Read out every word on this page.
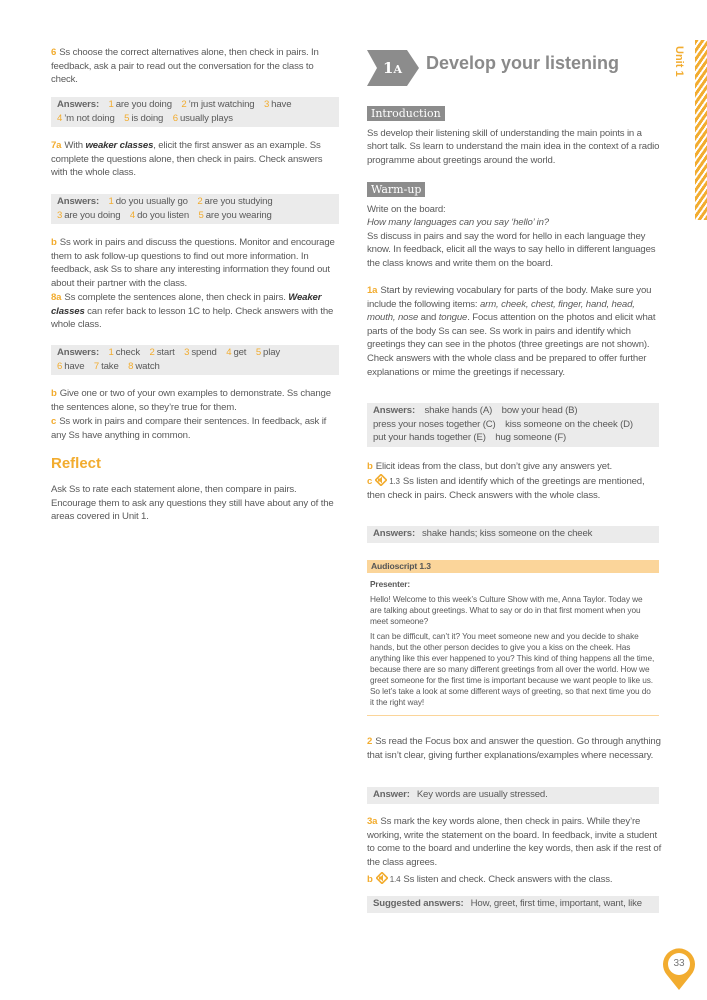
6 Ss choose the correct alternatives alone, then check in pairs. In feedback, ask a pair to read out the conversation for the class to check.
Answers: 1 are you doing 2 ’m just watching 3 have
4 ’m not doing 5 is doing 6 usually plays
7a With weaker classes, elicit the first answer as an example. Ss complete the questions alone, then check in pairs. Check answers with the whole class.
Answers: 1 do you usually go 2 are you studying
3 are you doing 4 do you listen 5 are you wearing
b Ss work in pairs and discuss the questions. Monitor and encourage them to ask follow-up questions to find out more information. In feedback, ask Ss to share any interesting information they found out about their partner with the class.
8a Ss complete the sentences alone, then check in pairs. Weaker classes can refer back to lesson 1C to help. Check answers with the whole class.
Answers: 1 check 2 start 3 spend 4 get 5 play
6 have 7 take 8 watch
b Give one or two of your own examples to demonstrate. Ss change the sentences alone, so they’re true for them.
c Ss work in pairs and compare their sentences. In feedback, ask if any Ss have anything in common.
Reflect
Ask Ss to rate each statement alone, then compare in pairs. Encourage them to ask any questions they still have about any of the areas covered in Unit 1.
1A Develop your listening	Unit 1
Introduction

Ss develop their listening skill of understanding the main points in a short talk. Ss learn to understand the main idea in the context of a radio programme about greetings around the world.

Warm-up

Write on the board:

How many languages can you say ‘hello’ in?

Ss discuss in pairs and say the word for hello in each language they know. In feedback, elicit all the ways to say hello in different languages the class knows and write them on the board.

1a Start by reviewing vocabulary for parts of the body. Make sure you include the following items: arm, cheek, chest, finger, hand, head, mouth, nose and tongue. Focus attention on the photos and elicit what parts of the body Ss can see. Ss work in pairs and identify which greetings they can see in the photos (three greetings are not shown). Check answers with the whole class and be prepared to offer further explanations or mime the greetings if necessary.
Answers: shake hands (A) bow your head (B)
press your noses together (C) kiss someone on the cheek (D)
put your hands together (E) hug someone (F)
b Elicit ideas from the class, but don’t give any answers yet.
c 1.3 Ss listen and identify which of the greetings are mentioned, then check in pairs. Check answers with the whole class.
Answers: shake hands; kiss someone on the cheek
Audioscript 1.3

Presenter:

Hello! Welcome to this week’s Culture Show with me, Anna Taylor. Today we are talking about greetings. What to say or do in that first moment when you meet someone?

It can be difficult, can’t it? You meet someone new and you decide to shake hands, but the other person decides to give you a kiss on the cheek. Has anything like this ever happened to you? This kind of thing happens all the time, because there are so many different greetings from all over the world. How we greet someone for the first time is important because we want people to like us. So let’s take a look at some different ways of greeting, so that next time you do it the right way!

2 Ss read the Focus box and answer the question. Go through anything that isn’t clear, giving further explanations/examples where necessary.
Answer: Key words are usually stressed.
3a Ss mark the key words alone, then check in pairs. While they’re working, write the statement on the board. In feedback, invite a student to come to the board and underline the key words, then ask if the rest of the class agrees.
b 1.4 Ss listen and check. Check answers with the class.
Suggested answers: How, greet, first time, important, want, like
33
